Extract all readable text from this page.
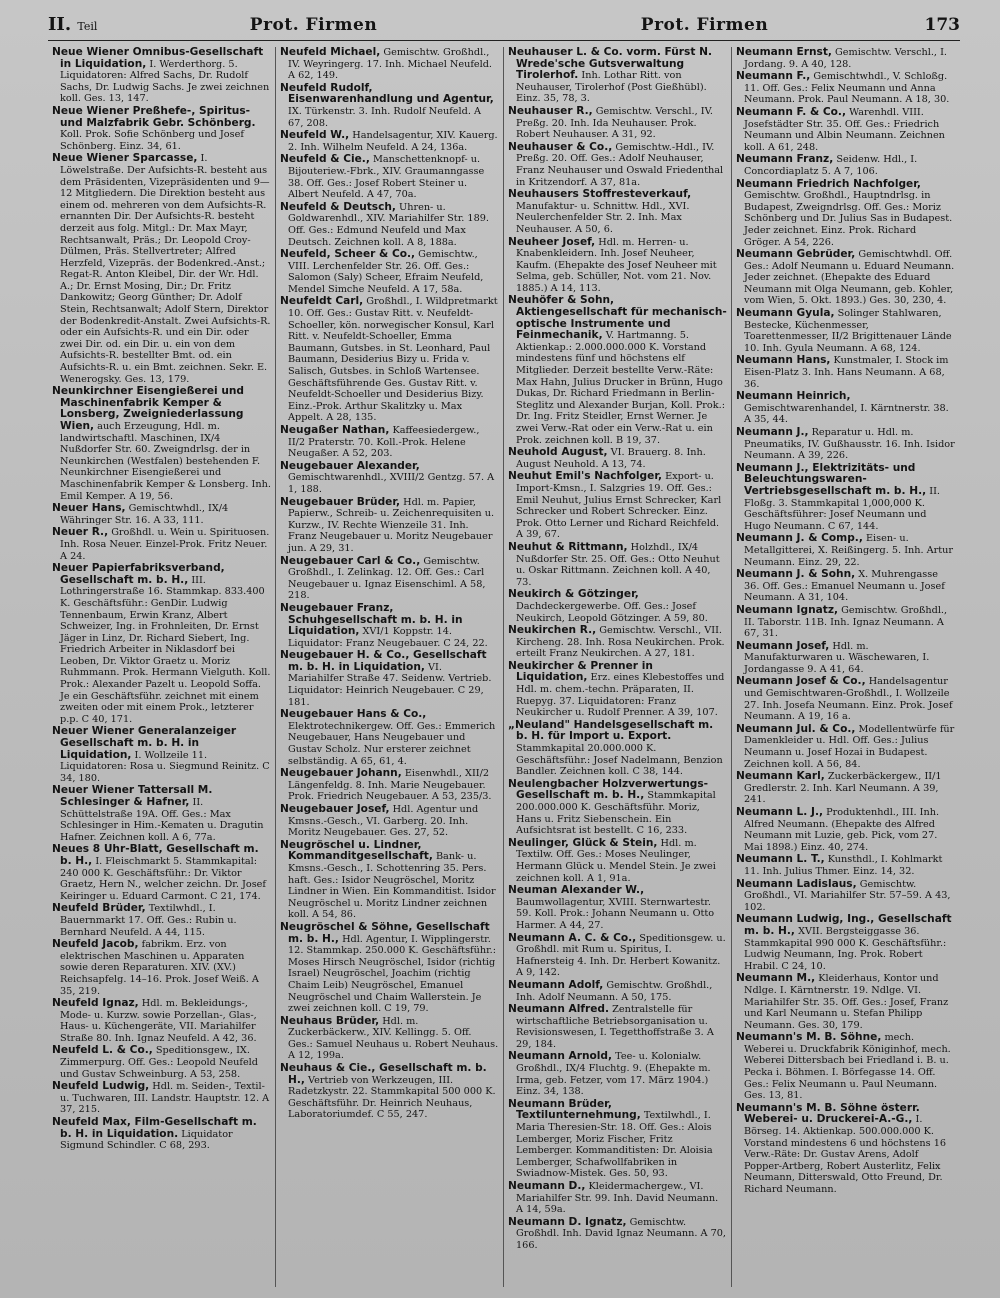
II. Teil	Prot. Firmen	Prot. Firmen	173

Neue Wiener Omnibus-Gesellschaft in Liquidation, I. Werderthorg. 5. Liquidatoren: Alfred Sachs, Dr. Rudolf Sachs, Dr. Ludwig Sachs. Je zwei zeichnen koll. Ges. 13, 147.

Neue Wiener Preßhefe-, Spiritus- und Malzfabrik Gebr. Schönberg. Koll. Prok. Sofie Schönberg und Josef Schönberg. Einz. 34, 61.

Neue Wiener Sparcasse, I. Löwelstraße. Der Aufsichts-R. besteht aus dem Präsidenten, Vizepräsidenten und 9—12 Mitgliedern. Die Direktion besteht aus einem od. mehreren von dem Aufsichts-R. ernannten Dir. Der Aufsichts-R. besteht derzeit aus folg. Mitgl.: Dr. Max Mayr, Rechtsanwalt, Präs.; Dr. Leopold Croy-Dülmen, Präs. Stellvertreter; Alfred Herzfeld, Vizepräs. der Bodenkred.-Anst.; Regat-R. Anton Kleibel, Dir. der Wr. Hdl. A.; Dr. Ernst Mosing, Dir.; Dr. Fritz Dankowitz; Georg Günther; Dr. Adolf Stein, Rechtsanwalt; Adolf Stern, Direktor der Bodenkredit-Anstalt. Zwei Aufsichts-R. oder ein Aufsichts-R. und ein Dir. oder zwei Dir. od. ein Dir. u. ein von dem Aufsichts-R. bestellter Bmt. od. ein Aufsichts-R. u. ein Bmt. zeichnen. Sekr. E. Wenerogsky. Ges. 13, 179.

Neunkirchner Eisengießerei und Maschinenfabrik Kemper & Lonsberg, Zweigniederlassung Wien, auch Erzeugung, Hdl. m. landwirtschaftl. Maschinen, IX/4 Nußdorfer Str. 60. Zweigndrlsg. der in Neunkirchen (Westfalen) bestehenden F. Neunkirchner Eisengießerei und Maschinenfabrik Kemper & Lonsberg. Inh. Emil Kemper. A 19, 56.

Neuer Hans, Gemischtwhdl., IX/4 Währinger Str. 16. A 33, 111.

Neuer R., Großhdl. u. Wein u. Spirituosen. Inh. Rosa Neuer. Einzel-Prok. Fritz Neuer. A 24.

Neuer Papierfabriksverband, Gesellschaft m. b. H., III. Lothringerstraße 16. Stammkap. 833.400 K. Geschäftsführ.: GenDir. Ludwig Tennenbaum, Erwin Kranz, Albert Schweizer, Ing. in Frohnleiten, Dr. Ernst Jäger in Linz, Dr. Richard Siebert, Ing. Friedrich Arbeiter in Niklasdorf bei Leoben, Dr. Viktor Graetz u. Moriz Ruhmmann. Prok. Hermann Vielguth. Koll. Prok.: Alexander Pazelt u. Leopold Soffa. Je ein Geschäftsführ. zeichnet mit einem zweiten oder mit einem Prok., letzterer p.p. C 40, 171.

Neuer Wiener Generalanzeiger Gesellschaft m. b. H. in Liquidation, I. Wollzeile 11. Liquidatoren: Rosa u. Siegmund Reinitz. C 34, 180.

Neuer Wiener Tattersall M. Schlesinger & Hafner, II. Schüttelstraße 19A. Off. Ges.: Max Schlesinger in Him.-Kematen u. Dragutin Hafner. Zeichnen koll. A 6, 77a.

Neues 8 Uhr-Blatt, Gesellschaft m. b. H., I. Fleischmarkt 5. Stammkapital: 240 000 K. Geschäftsführ.: Dr. Viktor Graetz, Hern N., welcher zeichn. Dr. Josef Keiringer u. Eduard Carmont. C 21, 174.

Neufeld Brüder, Textilwhdl., I. Bauernmarkt 17. Off. Ges.: Rubin u. Bernhard Neufeld. A 44, 115.

Neufeld Jacob, fabrikm. Erz. von elektrischen Maschinen u. Apparaten sowie deren Reparaturen. XIV. (XV.) Reichsapfelg. 14–16. Prok. Josef Weiß. A 35, 219.

Neufeld Ignaz, Hdl. m. Bekleidungs-, Mode- u. Kurzw. sowie Porzellan-, Glas-, Haus- u. Küchengeräte, VII. Mariahilfer Straße 80. Inh. Ignaz Neufeld. A 42, 36.

Neufeld L. & Co., Speditionsgew., IX. Zimmerpurg. Off. Ges.: Leopold Neufeld und Gustav Schweinburg. A 53, 258.

Neufeld Ludwig, Hdl. m. Seiden-, Textil- u. Tuchwaren, III. Landstr. Hauptstr. 12. A 37, 215.

Neufeld Max, Film-Gesellschaft m. b. H. in Liquidation. Liquidator Sigmund Schindler. C 68, 293.

Neufeld Michael, Gemischtw. Großhdl., IV. Weyringerg. 17. Inh. Michael Neufeld. A 62, 149.

Neufeld Rudolf, Eisenwarenhandlung und Agentur, IX. Türkenstr. 3. Inh. Rudolf Neufeld. A 67, 208.

Neufeld W., Handelsagentur, XIV. Kauerg. 2. Inh. Wilhelm Neufeld. A 24, 136a.

Neufeld & Cie., Manschettenknopf- u. Bijouteriew.-Fbrk., XIV. Graumanngasse 38. Off. Ges.: Josef Robert Steiner u. Albert Neufeld. A 47, 70a.

Neufeld & Deutsch, Uhren- u. Goldwarenhdl., XIV. Mariahilfer Str. 189. Off. Ges.: Edmund Neufeld und Max Deutsch. Zeichnen koll. A 8, 188a.

Neufeld, Scheer & Co., Gemischtw., VIII. Lerchenfelder Str. 26. Off. Ges.: Salomon (Saly) Scheer, Efraim Neufeld, Mendel Simche Neufeld. A 17, 58a.

Neufeldt Carl, Großhdl., I. Wildpretmarkt 10. Off. Ges.: Gustav Ritt. v. Neufeldt-Schoeller, kön. norwegischer Konsul, Karl Ritt. v. Neufeldt-Schoeller, Emma Baumann, Gutsbes. in St. Leonhard, Paul Baumann, Desiderius Bizy u. Frida v. Salisch, Gutsbes. in Schloß Wartensee. Geschäftsführende Ges. Gustav Ritt. v. Neufeldt-Schoeller und Desiderius Bizy. Einz.-Prok. Arthur Skalitzky u. Max Appelt. A 28, 135.

Neugaßer Nathan, Kaffeesiedergew., II/2 Praterstr. 70. Koll.-Prok. Helene Neugaßer. A 52, 203.

Neugebauer Alexander, Gemischtwarenhdl., XVIII/2 Gentzg. 57. A 1, 188.

Neugebauer Brüder, Hdl. m. Papier, Papierw., Schreib- u. Zeichenrequisiten u. Kurzw., IV. Rechte Wienzeile 31. Inh. Franz Neugebauer u. Moritz Neugebauer jun. A 29, 31.

Neugebauer Carl & Co., Gemischtw. Großhdl., I. Zelinkag. 12. Off. Ges.: Carl Neugebauer u. Ignaz Eisenschiml. A 58, 218.

Neugebauer Franz, Schuhgesellschaft m. b. H. in Liquidation, XVI/1 Koppstr. 14. Liquidator: Franz Neugebauer. C 24, 22.

Neugebauer H. & Co., Gesellschaft m. b. H. in Liquidation, VI. Mariahilfer Straße 47. Seidenw. Vertrieb. Liquidator: Heinrich Neugebauer. C 29, 181.

Neugebauer Hans & Co., Elektrotechnikergew. Off. Ges.: Emmerich Neugebauer, Hans Neugebauer und Gustav Scholz. Nur ersterer zeichnet selbständig. A 65, 61, 4.

Neugebauer Johann, Eisenwhdl., XII/2 Längenfeldg. 8. Inh. Marie Neugebauer. Prok. Friedrich Neugebauer. A 53, 235/3.

Neugebauer Josef, Hdl. Agentur und Kmsns.-Gesch., VI. Garberg. 20. Inh. Moritz Neugebauer. Ges. 27, 52.

Neugröschel u. Lindner, Kommanditgesellschaft, Bank- u. Kmsns.-Gesch., I. Schottenring 35. Pers. haft. Ges.: Isidor Neugröschel, Moritz Lindner in Wien. Ein Kommanditist. Isidor Neugröschel u. Moritz Lindner zeichnen koll. A 54, 86.

Neugröschel & Söhne, Gesellschaft m. b. H., Hdl. Agentur, I. Wipplingerstr. 12. Stammkap. 250.000 K. Geschäftsführ.: Moses Hirsch Neugröschel, Isidor (richtig Israel) Neugröschel, Joachim (richtig Chaim Leib) Neugröschel, Emanuel Neugröschel und Chaim Wallerstein. Je zwei zeichnen koll. C 19, 79.

Neuhaus Brüder, Hdl. m. Zuckerbäckerw., XIV. Kellingg. 5. Off. Ges.: Samuel Neuhaus u. Robert Neuhaus. A 12, 199a.

Neuhaus & Cie., Gesellschaft m. b. H., Vertrieb von Werkzeugen, III. Radetzkystr. 22. Stammkapital 500 000 K. Geschäftsführ. Dr. Heinrich Neuhaus, Laboratoriumdef. C 55, 247.

Neuhauser L. & Co. vorm. Fürst N. Wrede'sche Gutsverwaltung Tirolerhof. Inh. Lothar Ritt. von Neuhauser, Tirolerhof (Post Gießhübl). Einz. 35, 78, 3.

Neuhauser R., Gemischtw. Verschl., IV. Preßg. 20. Inh. Ida Neuhauser. Prok. Robert Neuhauser. A 31, 92.

Neuhauser & Co., Gemischtw.-Hdl., IV. Preßg. 20. Off. Ges.: Adolf Neuhauser, Franz Neuhauser und Oswald Friedenthal in Kritzendorf. A 37, 81a.

Neuhausers Stoffresteverkauf, Manufaktur- u. Schnittw. Hdl., XVI. Neulerchenfelder Str. 2. Inh. Max Neuhauser. A 50, 6.

Neuheer Josef, Hdl. m. Herren- u. Knabenkleidern. Inh. Josef Neuheer, Kaufm. (Ehepakte des Josef Neuheer mit Selma, geb. Schüller, Not. vom 21. Nov. 1885.) A 14, 113.

Neuhöfer & Sohn, Aktiengesellschaft für mechanisch-optische Instrumente und Feinmechanik, V. Hartmanng. 5. Aktienkap.: 2.000.000.000 K. Vorstand mindestens fünf und höchstens elf Mitglieder. Derzeit bestellte Verw.-Räte: Max Hahn, Julius Drucker in Brünn, Hugo Dukas, Dr. Richard Friedmann in Berlin-Steglitz und Alexander Burjan, Koll. Prok.: Dr. Ing. Fritz Steidler, Ernst Werner. Je zwei Verw.-Rat oder ein Verw.-Rat u. ein Prok. zeichnen koll. B 19, 37.

Neuhold August, VI. Brauerg. 8. Inh. August Neuhold. A 13, 74.

Neuhut Emil's Nachfolger, Export- u. Import-Kmsn., I. Salzgries 19. Off. Ges.: Emil Neuhut, Julius Ernst Schrecker, Karl Schrecker und Robert Schrecker. Einz. Prok. Otto Lerner und Richard Reichfeld. A 39, 67.

Neuhut & Rittmann, Holzhdl., IX/4 Nußdorfer Str. 25. Off. Ges.: Otto Neuhut u. Oskar Rittmann. Zeichnen koll. A 40, 73.

Neukirch & Götzinger, Dachdeckergewerbe. Off. Ges.: Josef Neukirch, Leopold Götzinger. A 59, 80.

Neukirchen R., Gemischtw. Verschl., VII. Kircheng. 28. Inh. Rosa Neukirchen. Prok. erteilt Franz Neukirchen. A 27, 181.

Neukircher & Prenner in Liquidation, Erz. eines Klebestoffes und Hdl. m. chem.-techn. Präparaten, II. Ruepyg. 37. Liquidatoren: Franz Neukircher u. Rudolf Prenner. A 39, 107.

„Neuland" Handelsgesellschaft m. b. H. für Import u. Export. Stammkapital 20.000.000 K. Geschäftsführ.: Josef Nadelmann, Benzion Bandler. Zeichnen koll. C 38, 144.

Neulengbacher Holzverwertungs-Gesellschaft m. b. H., Stammkapital 200.000.000 K. Geschäftsführ. Moriz, Hans u. Fritz Siebenschein. Ein Aufsichtsrat ist bestellt. C 16, 233.

Neulinger, Glück & Stein, Hdl. m. Textilw. Off. Ges.: Moses Neulinger, Hermann Glück u. Mendel Stein. Je zwei zeichnen koll. A 1, 91a.

Neuman Alexander W., Baumwollagentur, XVIII. Sternwartestr. 59. Koll. Prok.: Johann Neumann u. Otto Harmer. A 44, 27.

Neumann A. C. & Co., Speditionsgew. u. Großhdl. mit Rum u. Spiritus, I. Hafnersteig 4. Inh. Dr. Herbert Kowanitz. A 9, 142.

Neumann Adolf, Gemischtw. Großhdl., Inh. Adolf Neumann. A 50, 175.

Neumann Alfred. Zentralstelle für wirtschaftliche Betriebsorganisation u. Revisionswesen, I. Tegetthoffstraße 3. A 29, 184.

Neumann Arnold, Tee- u. Kolonialw. Großhdl., IX/4 Fluchtg. 9. (Ehepakte m. Irma, geb. Fetzer, vom 17. März 1904.) Einz. 34, 138.

Neumann Brüder, Textilunternehmung, Textilwhdl., I. Maria Theresien-Str. 18. Off. Ges.: Alois Lemberger, Moriz Fischer, Fritz Lemberger. Kommanditisten: Dr. Aloisia Lemberger, Schafwollfabriken in Swiadnow-Mistek. Ges. 50, 93.

Neumann D., Kleidermachergew., VI. Mariahilfer Str. 99. Inh. David Neumann. A 14, 59a.

Neumann D. Ignatz, Gemischtw. Großhdl. Inh. David Ignaz Neumann. A 70, 166.

Neumann Ernst, Gemischtw. Verschl., I. Jordang. 9. A 40, 128.

Neumann F., Gemischtwhdl., V. Schloßg. 11. Off. Ges.: Felix Neumann und Anna Neumann. Prok. Paul Neumann. A 18, 30.

Neumann F. & Co., Warenhdl. VIII. Josefstädter Str. 35. Off. Ges.: Friedrich Neumann und Albin Neumann. Zeichnen koll. A 61, 248.

Neumann Franz, Seidenw. Hdl., I. Concordiaplatz 5. A 7, 106.

Neumann Friedrich Nachfolger, Gemischtw. Großhdl., Hauptndrlsg. in Budapest, Zweigndrlsg. Off. Ges.: Moriz Schönberg und Dr. Julius Sas in Budapest. Jeder zeichnet. Einz. Prok. Richard Gröger. A 54, 226.

Neumann Gebrüder, Gemischtwhdl. Off. Ges.: Adolf Neumann u. Eduard Neumann. Jeder zeichnet. (Ehepakte des Eduard Neumann mit Olga Neumann, geb. Kohler, vom Wien, 5. Okt. 1893.) Ges. 30, 230, 4.

Neumann Gyula, Solinger Stahlwaren, Bestecke, Küchenmesser, Toarettenmesser, II/2 Brigittenauer Lände 10. Inh. Gyula Neumann. A 68, 124.

Neumann Hans, Kunstmaler, I. Stock im Eisen-Platz 3. Inh. Hans Neumann. A 68, 36.

Neumann Heinrich, Gemischtwarenhandel, I. Kärntnerstr. 38. A 35, 44.

Neumann J., Reparatur u. Hdl. m. Pneumatiks, IV. Gußhausstr. 16. Inh. Isidor Neumann. A 39, 226.

Neumann J., Elektrizitäts- und Beleuchtungswaren-Vertriebsgesellschaft m. b. H., II. Floßg. 3. Stammkapital 1,000,000 K. Geschäftsführer: Josef Neumann und Hugo Neumann. C 67, 144.

Neumann J. & Comp., Eisen- u. Metallgitterei, X. Reißingerg. 5. Inh. Artur Neumann. Einz. 29, 22.

Neumann J. & Sohn, X. Muhrengasse 36. Off. Ges.: Emanuel Neumann u. Josef Neumann. A 31, 104.

Neumann Ignatz, Gemischtw. Großhdl., II. Taborstr. 11B. Inh. Ignaz Neumann. A 67, 31.

Neumann Josef, Hdl. m. Manufakturwaren u. Wäschewaren, I. Jordangasse 9. A 41, 64.

Neumann Josef & Co., Handelsagentur und Gemischtwaren-Großhdl., I. Wollzeile 27. Inh. Josefa Neumann. Einz. Prok. Josef Neumann. A 19, 16 a.

Neumann Jul. & Co., Modellentwürfe für Damenkleider u. Hdl. Off. Ges.: Julius Neumann u. Josef Hozai in Budapest. Zeichnen koll. A 56, 84.

Neumann Karl, Zuckerbäckergew., II/1 Gredlerstr. 2. Inh. Karl Neumann. A 39, 241.

Neumann L. J., Produktenhdl., III. Inh. Alfred Neumann. (Ehepakte des Alfred Neumann mit Luzie, geb. Pick, vom 27. Mai 1898.) Einz. 40, 274.

Neumann L. T., Kunsthdl., I. Kohlmarkt 11. Inh. Julius Thmer. Einz. 14, 32.

Neumann Ladislaus, Gemischtw. Großhdl., VI. Mariahilfer Str. 57–59. A 43, 102.

Neumann Ludwig, Ing., Gesellschaft m. b. H., XVII. Bergsteiggasse 36. Stammkapital 990 000 K. Geschäftsführ.: Ludwig Neumann, Ing. Prok. Robert Hrabil. C 24, 10.

Neumann M., Kleiderhaus, Kontor und Ndlge. I. Kärntnerstr. 19. Ndlge. VI. Mariahilfer Str. 35. Off. Ges.: Josef, Franz und Karl Neumann u. Stefan Philipp Neumann. Ges. 30, 179.

Neumann's M. B. Söhne, mech. Weberei u. Druckfabrik Königinhof, mech. Weberei Dittersbach bei Friedland i. B. u. Pecka i. Böhmen. I. Börfegasse 14. Off. Ges.: Felix Neumann u. Paul Neumann. Ges. 13, 81.

Neumann's M. B. Söhne österr. Weberei- u. Druckerei-A.-G., I. Börseg. 14. Aktienkap. 500.000.000 K. Vorstand mindestens 6 und höchstens 16 Verw.-Räte: Dr. Gustav Arens, Adolf Popper-Artberg, Robert Austerlitz, Felix Neumann, Ditterswald, Otto Freund, Dr. Richard Neumann.
